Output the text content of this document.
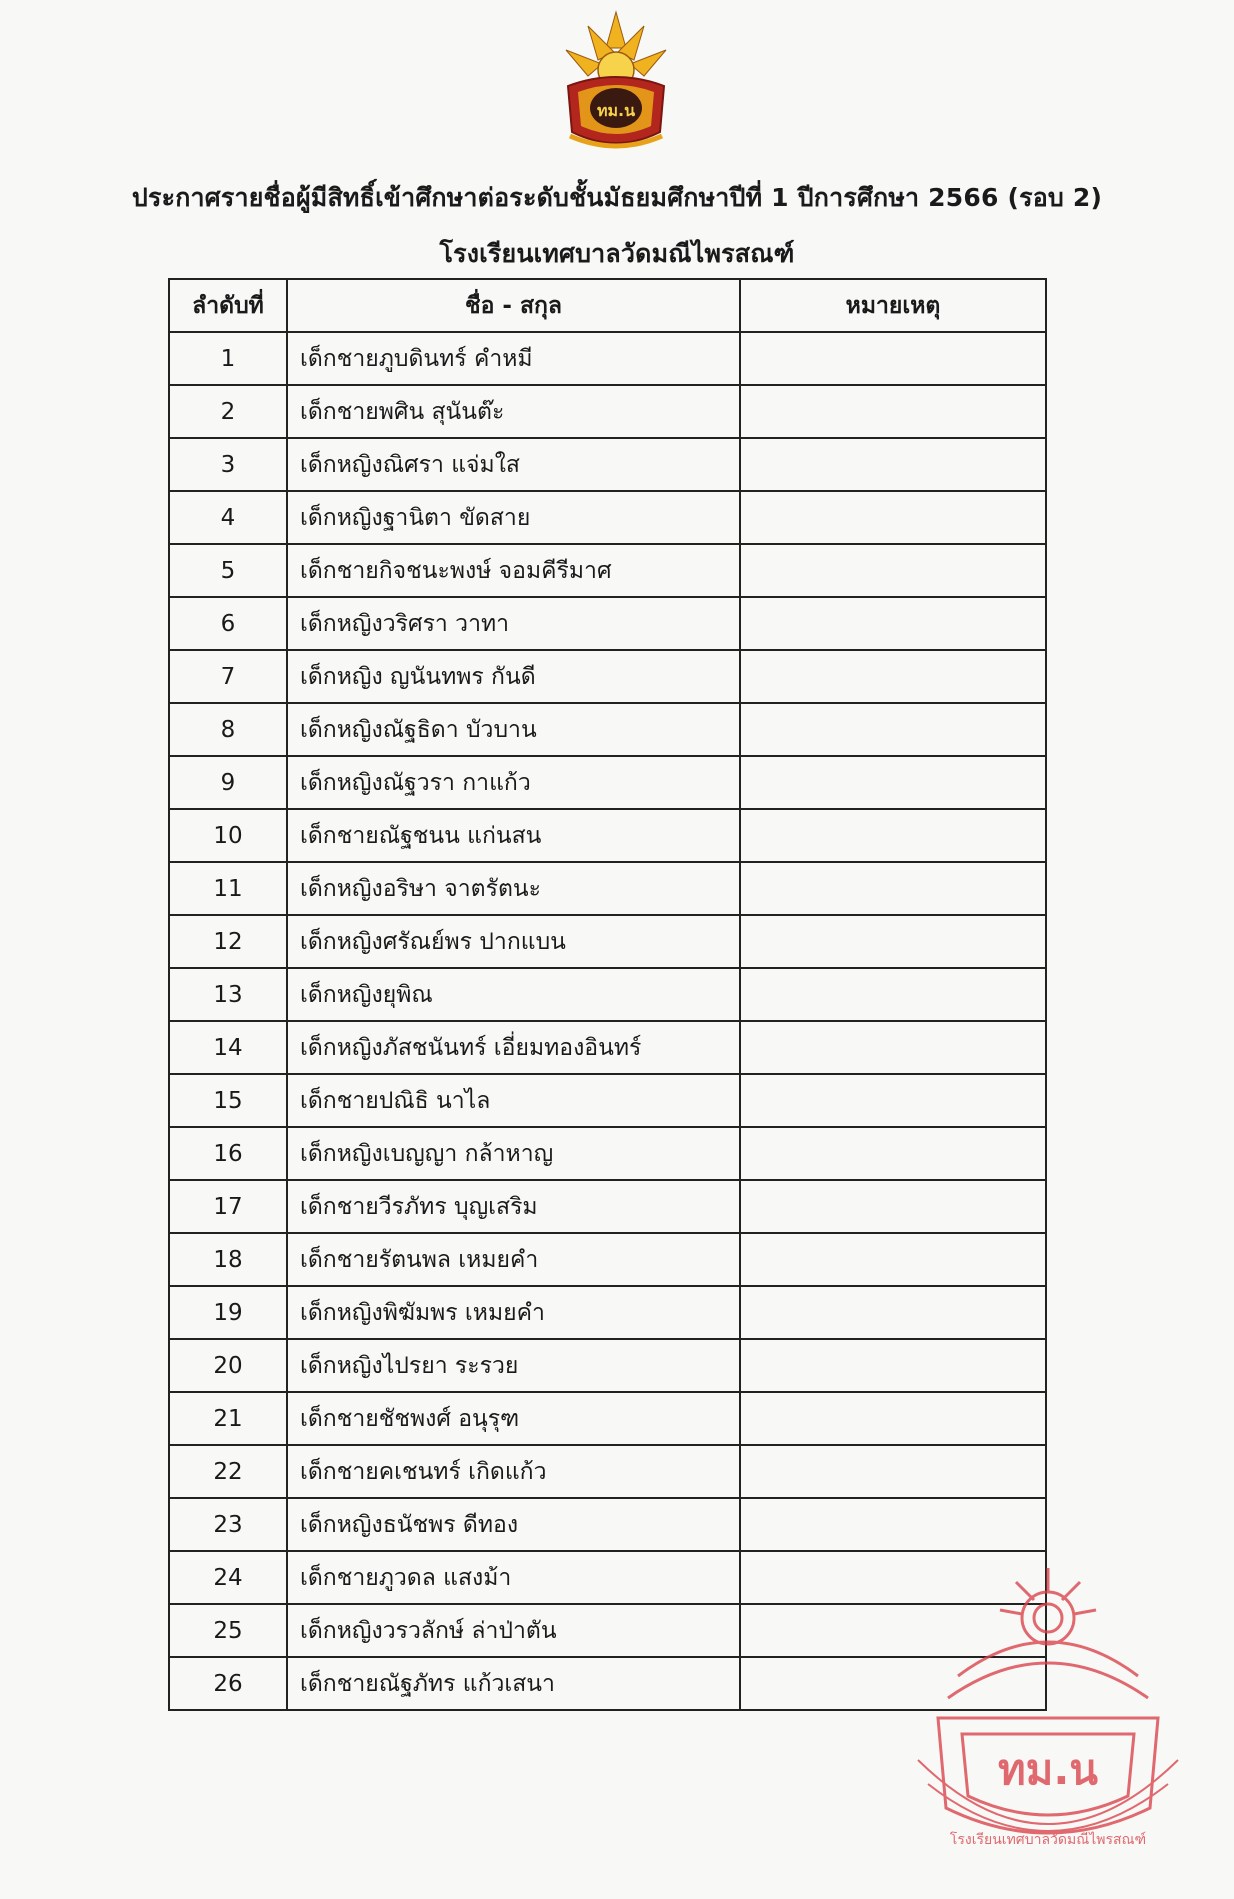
ทม.น
ประกาศรายชื่อผู้มีสิทธิ์เข้าศึกษาต่อระดับชั้นมัธยมศึกษาปีที่ 1 ปีการศึกษา 2566 (รอบ 2)
โรงเรียนเทศบาลวัดมณีไพรสณฑ์
ลำดับที่	ชื่อ - สกุล	หมายเหตุ
1	เด็กชายภูบดินทร์ คำหมี	
2	เด็กชายพศิน สุนันต๊ะ	
3	เด็กหญิงณิศรา แจ่มใส	
4	เด็กหญิงฐานิตา ขัดสาย	
5	เด็กชายกิจชนะพงษ์ จอมคีรีมาศ	
6	เด็กหญิงวริศรา วาทา	
7	เด็กหญิง ญนันทพร กันดี	
8	เด็กหญิงณัฐธิดา บัวบาน	
9	เด็กหญิงณัฐวรา กาแก้ว	
10	เด็กชายณัฐชนน แก่นสน	
11	เด็กหญิงอริษา จาตรัตนะ	
12	เด็กหญิงศรัณย์พร ปากแบน	
13	เด็กหญิงยุพิณ	
14	เด็กหญิงภัสชนันทร์ เอี่ยมทองอินทร์	
15	เด็กชายปณิธิ นาไล	
16	เด็กหญิงเบญญา กล้าหาญ	
17	เด็กชายวีรภัทร บุญเสริม	
18	เด็กชายรัตนพล เหมยคำ	
19	เด็กหญิงพิฆัมพร เหมยคำ	
20	เด็กหญิงไปรยา ระรวย	
21	เด็กชายชัชพงศ์ อนุรุฑ	
22	เด็กชายคเชนทร์ เกิดแก้ว	
23	เด็กหญิงธนัชพร ดีทอง	
24	เด็กชายภูวดล แสงม้า	
25	เด็กหญิงวรวลักษ์ ล่าป่าตัน	
26	เด็กชายณัฐภัทร แก้วเสนา	
ทม.น
โรงเรียนเทศบาลวัดมณีไพรสณฑ์
